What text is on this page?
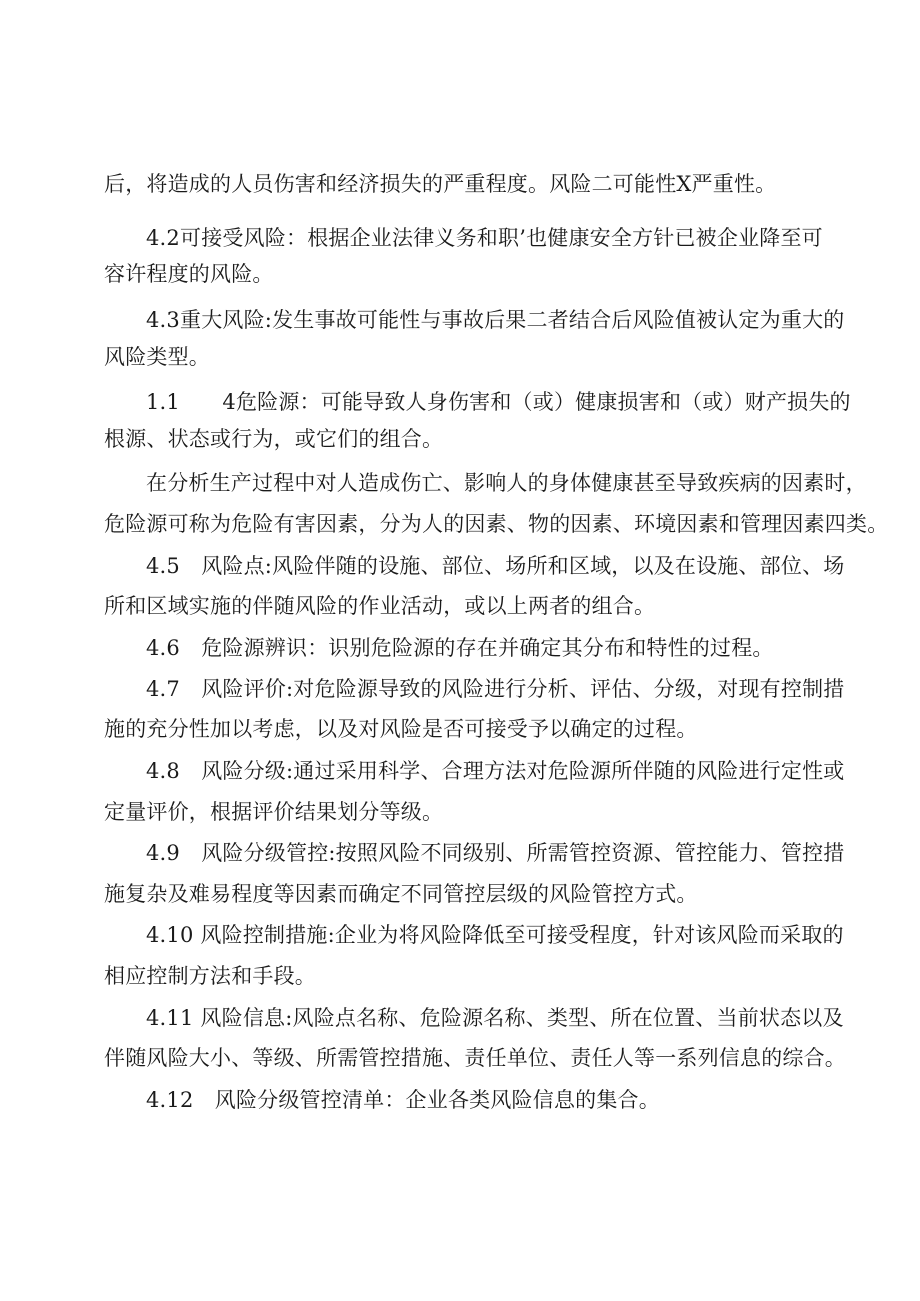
后，将造成的人员伤害和经济损失的严重程度。风险二可能性X严重性。
4.2可接受风险：根据企业法律义务和职’也健康安全方针已被企业降至可
容许程度的风险。
4.3重大风险:发生事故可能性与事故后果二者结合后风险值被认定为重大的
风险类型。
1.1　　4危险源：可能导致人身伤害和（或）健康损害和（或）财产损失的
根源、状态或行为，或它们的组合。
在分析生产过程中对人造成伤亡、影响人的身体健康甚至导致疾病的因素时，
危险源可称为危险有害因素，分为人的因素、物的因素、环境因素和管理因素四类。
4.5　风险点:风险伴随的设施、部位、场所和区域，以及在设施、部位、场
所和区域实施的伴随风险的作业活动，或以上两者的组合。
4.6　危险源辨识：识别危险源的存在并确定其分布和特性的过程。
4.7　风险评价:对危险源导致的风险进行分析、评估、分级，对现有控制措
施的充分性加以考虑，以及对风险是否可接受予以确定的过程。
4.8　风险分级:通过采用科学、合理方法对危险源所伴随的风险进行定性或
定量评价，根据评价结果划分等级。
4.9　风险分级管控:按照风险不同级别、所需管控资源、管控能力、管控措
施复杂及难易程度等因素而确定不同管控层级的风险管控方式。
4.10 风险控制措施:企业为将风险降低至可接受程度，针对该风险而采取的
相应控制方法和手段。
4.11 风险信息:风险点名称、危险源名称、类型、所在位置、当前状态以及
伴随风险大小、等级、所需管控措施、责任单位、责任人等一系列信息的综合。
4.12　风险分级管控清单：企业各类风险信息的集合。
